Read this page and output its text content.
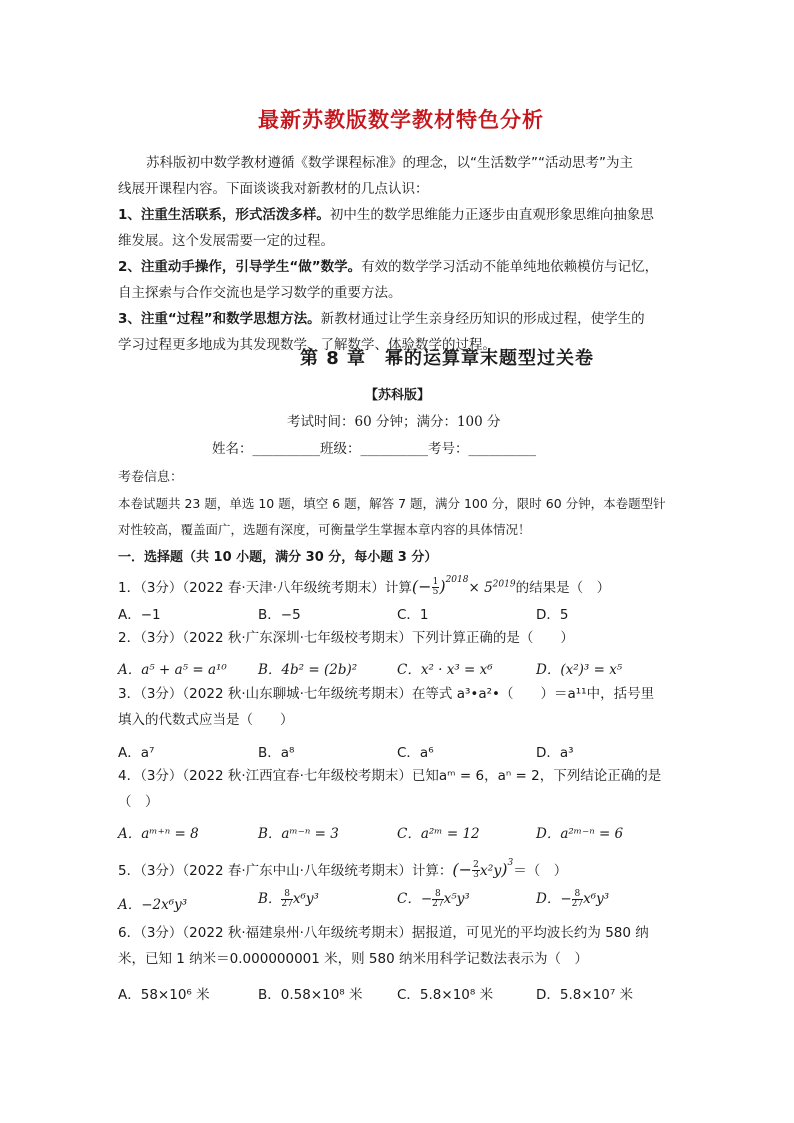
最新苏教版数学教材特色分析
苏科版初中数学教材遵循《数学课程标准》的理念，以“生活数学”“活动思考”为主
线展开课程内容。下面谈谈我对新教材的几点认识：
1、注重生活联系，形式活泼多样。初中生的数学思维能力正逐步由直观形象思维向抽象思
维发展。这个发展需要一定的过程。
2、注重动手操作，引导学生“做”数学。有效的数学学习活动不能单纯地依赖模仿与记忆，
自主探索与合作交流也是学习数学的重要方法。
3、注重“过程”和数学思想方法。新教材通过让学生亲身经历知识的形成过程，使学生的
学习过程更多地成为其发现数学、了解数学、体验数学的过程。
第 8 章　幂的运算章末题型过关卷
【苏科版】
考试时间：60 分钟；满分：100 分
姓名：__________班级：__________考号：__________
考卷信息：
本卷试题共 23 题，单选 10 题，填空 6 题，解答 7 题，满分 100 分，限时 60 分钟，本卷题型针
对性较高，覆盖面广，选题有深度，可衡量学生掌握本章内容的具体情况！
一．选择题（共 10 小题，满分 30 分，每小题 3 分）
1．（3分）（2022 春·天津·八年级统考期末）计算(− $\frac{1}{5} )^{2018}\times 5^{2019}$的结果是（　）
A．−1	B．−5	C．1	D．5
2．（3分）（2022 秋·广东深圳·七年级校考期末）下列计算正确的是（　　）
A．a⁵ + a⁵ = a¹⁰ B．4b² = (2b)²	C．x² · x³ = x⁶	D．(x²)³ = x⁵
3．（3分）（2022 秋·山东聊城·七年级统考期末）在等式 a³•a²•（　　）＝a¹¹中，括号里
填入的代数式应当是（　　）
A．a⁷	B．a⁸	C．a⁶	D．a³
4．（3分）（2022 秋·江西宜春·七年级校考期末）已知aᵐ = 6，aⁿ = 2，下列结论正确的是
（　）
A．aᵐ⁺ⁿ = 8	B．aᵐ⁻ⁿ = 3	C．a²ᵐ = 12	D．a²ᵐ⁻ⁿ = 6
5．（3分）（2022 春·广东中山·八年级统考期末）计算：(− $\frac{2}{3} x^2y)^3=$（　）
A．−2x⁶y³	B． $\frac{8}{27} x^6y^3$	C．− $\frac{8}{27} x^5y^3$	D．− $\frac{8}{27} x^6y^3$
6．（3分）（2022 秋·福建泉州·八年级统考期末）据报道，可见光的平均波长约为 580 纳
米，已知 1 纳米＝0.000000001 米，则 580 纳米用科学记数法表示为（　）
A．58×10⁶ 米	B．0.58×10⁸ 米	C．5.8×10⁸ 米	D．5.8×10⁷ 米
